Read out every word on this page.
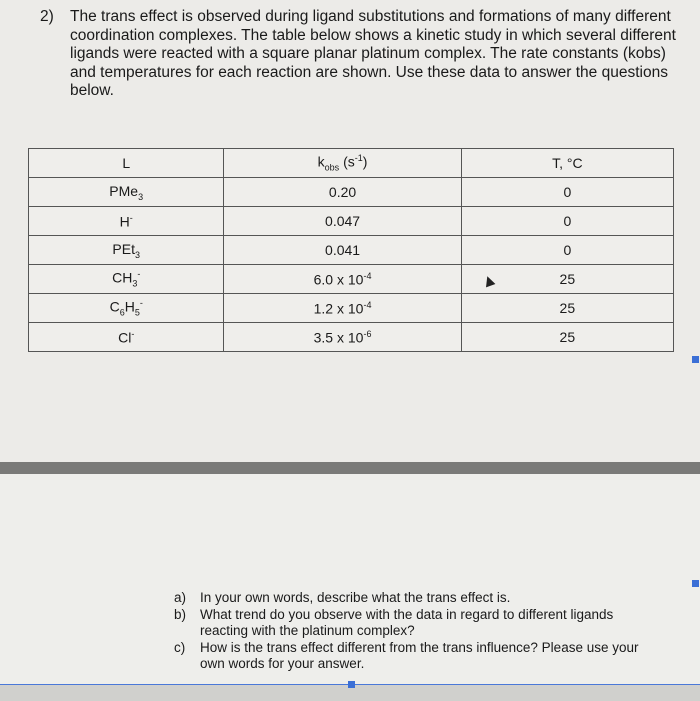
2) The trans effect is observed during ligand substitutions and formations of many different coordination complexes. The table below shows a kinetic study in which several different ligands were reacted with a square planar platinum complex. The rate constants (kobs) and temperatures for each reaction are shown. Use these data to answer the questions below.
L	$k_{obs}$ $(s^{-1})$	T, °C
PMe$_3$	0.20	0
H-	0.047	0
PEt$_3$	0.041	0
$CH_3^-$	6.0 x $10^{-4}$	25
$C_6H_5^-$	1.2 x $10^{-4}$	25
Cl-	3.5 x $10^{-6}$	25
a) In your own words, describe what the trans effect is.
b) What trend do you observe with the data in regard to different ligands reacting with the platinum complex?
c) How is the trans effect different from the trans influence? Please use your own words for your answer.
